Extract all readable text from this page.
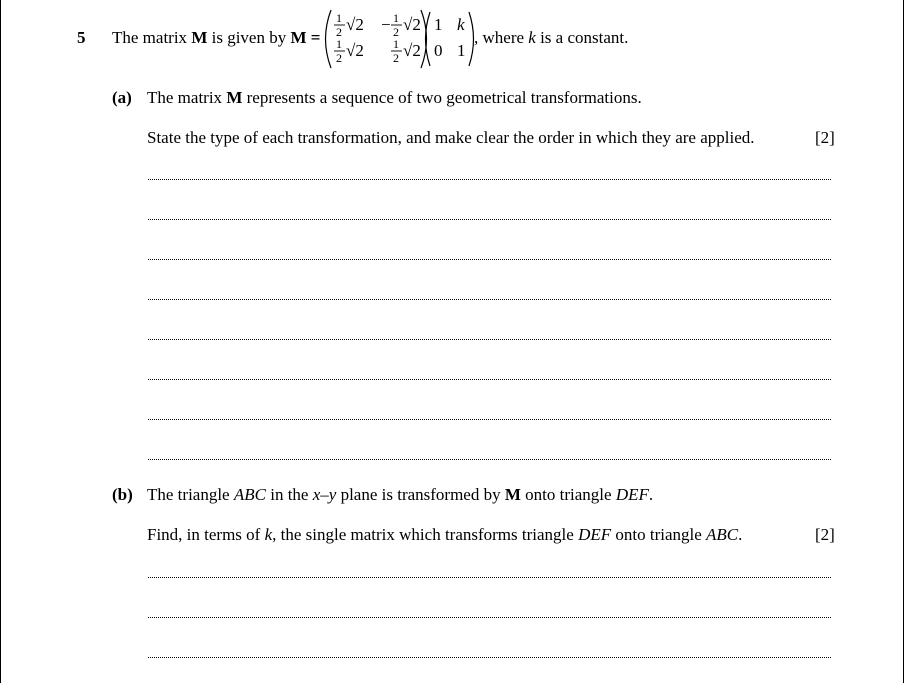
5 The matrix M is given by M =
1
2 √2 − 1
2 √2
1
2 √2 1
2 √2
1 k
0 1
, where k is a constant.
(a) The matrix M represents a sequence of two geometrical transformations.
State the type of each transformation, and make clear the order in which they are applied.	[2]
(b) The triangle ABC in the x–y plane is transformed by M onto triangle DEF.
Find, in terms of k, the single matrix which transforms triangle DEF onto triangle ABC.	[2]
